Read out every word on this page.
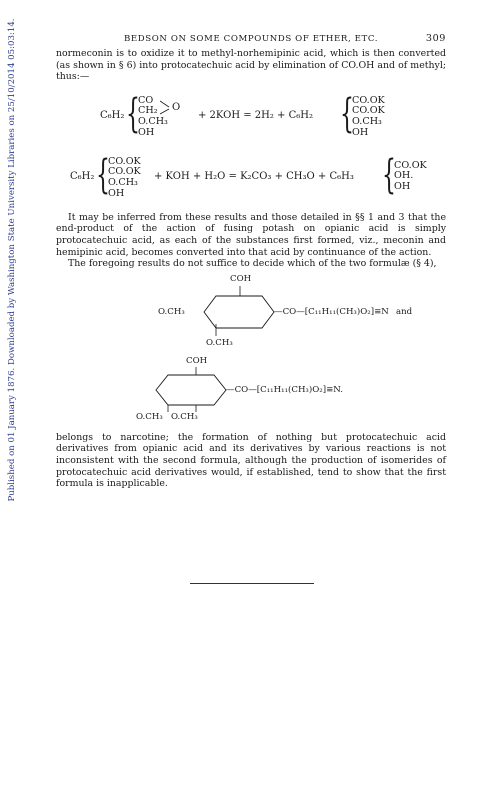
Published on 01 January 1876. Downloaded by Washington State University Libraries on 25/10/2014 05:03:14.	BEDSON ON SOME COMPOUNDS OF ETHER, ETC.	309

normeconin is to oxidize it to methyl-norhemipinic acid, which is then converted (as shown in § 6) into protocatechuic acid by elimination of CO.OH and of methyl; thus:—

C₆H₂ {
CO
CH₂
O.CH₃
OH
O
+ 2KOH = 2H₂ + C₆H₂ {
CO.OK
CO.OK
O.CH₃
OH
C₆H₂ {
CO.OK
CO.OK
O.CH₃
OH
+ KOH + H₂O = K₂CO₃ + CH₃O + C₆H₃ {
CO.OK
OH.
OH

It may be inferred from these results and those detailed in §§ 1 and 3 that the end-product of the action of fusing potash on opianic acid is simply protocatechuic acid, as each of the substances first formed, viz., meconin and hemipinic acid, becomes converted into that acid by continuance of the action.

The foregoing results do not suffice to decide which of the two formulæ (§ 4),

COH
O.CH₃	—CO—[C₁₁H₁₁(CH₃)O₂]≡N and
O.CH₃
COH
—CO—[C₁₁H₁₁(CH₃)O₂]≡N.
O.CH₃   O.CH₃

belongs to narcotine; the formation of nothing but protocatechuic acid derivatives from opianic acid and its derivatives by various reactions is not inconsistent with the second formula, although the production of isomerides of protocatechuic acid derivatives would, if established, tend to show that the first formula is inapplicable.
